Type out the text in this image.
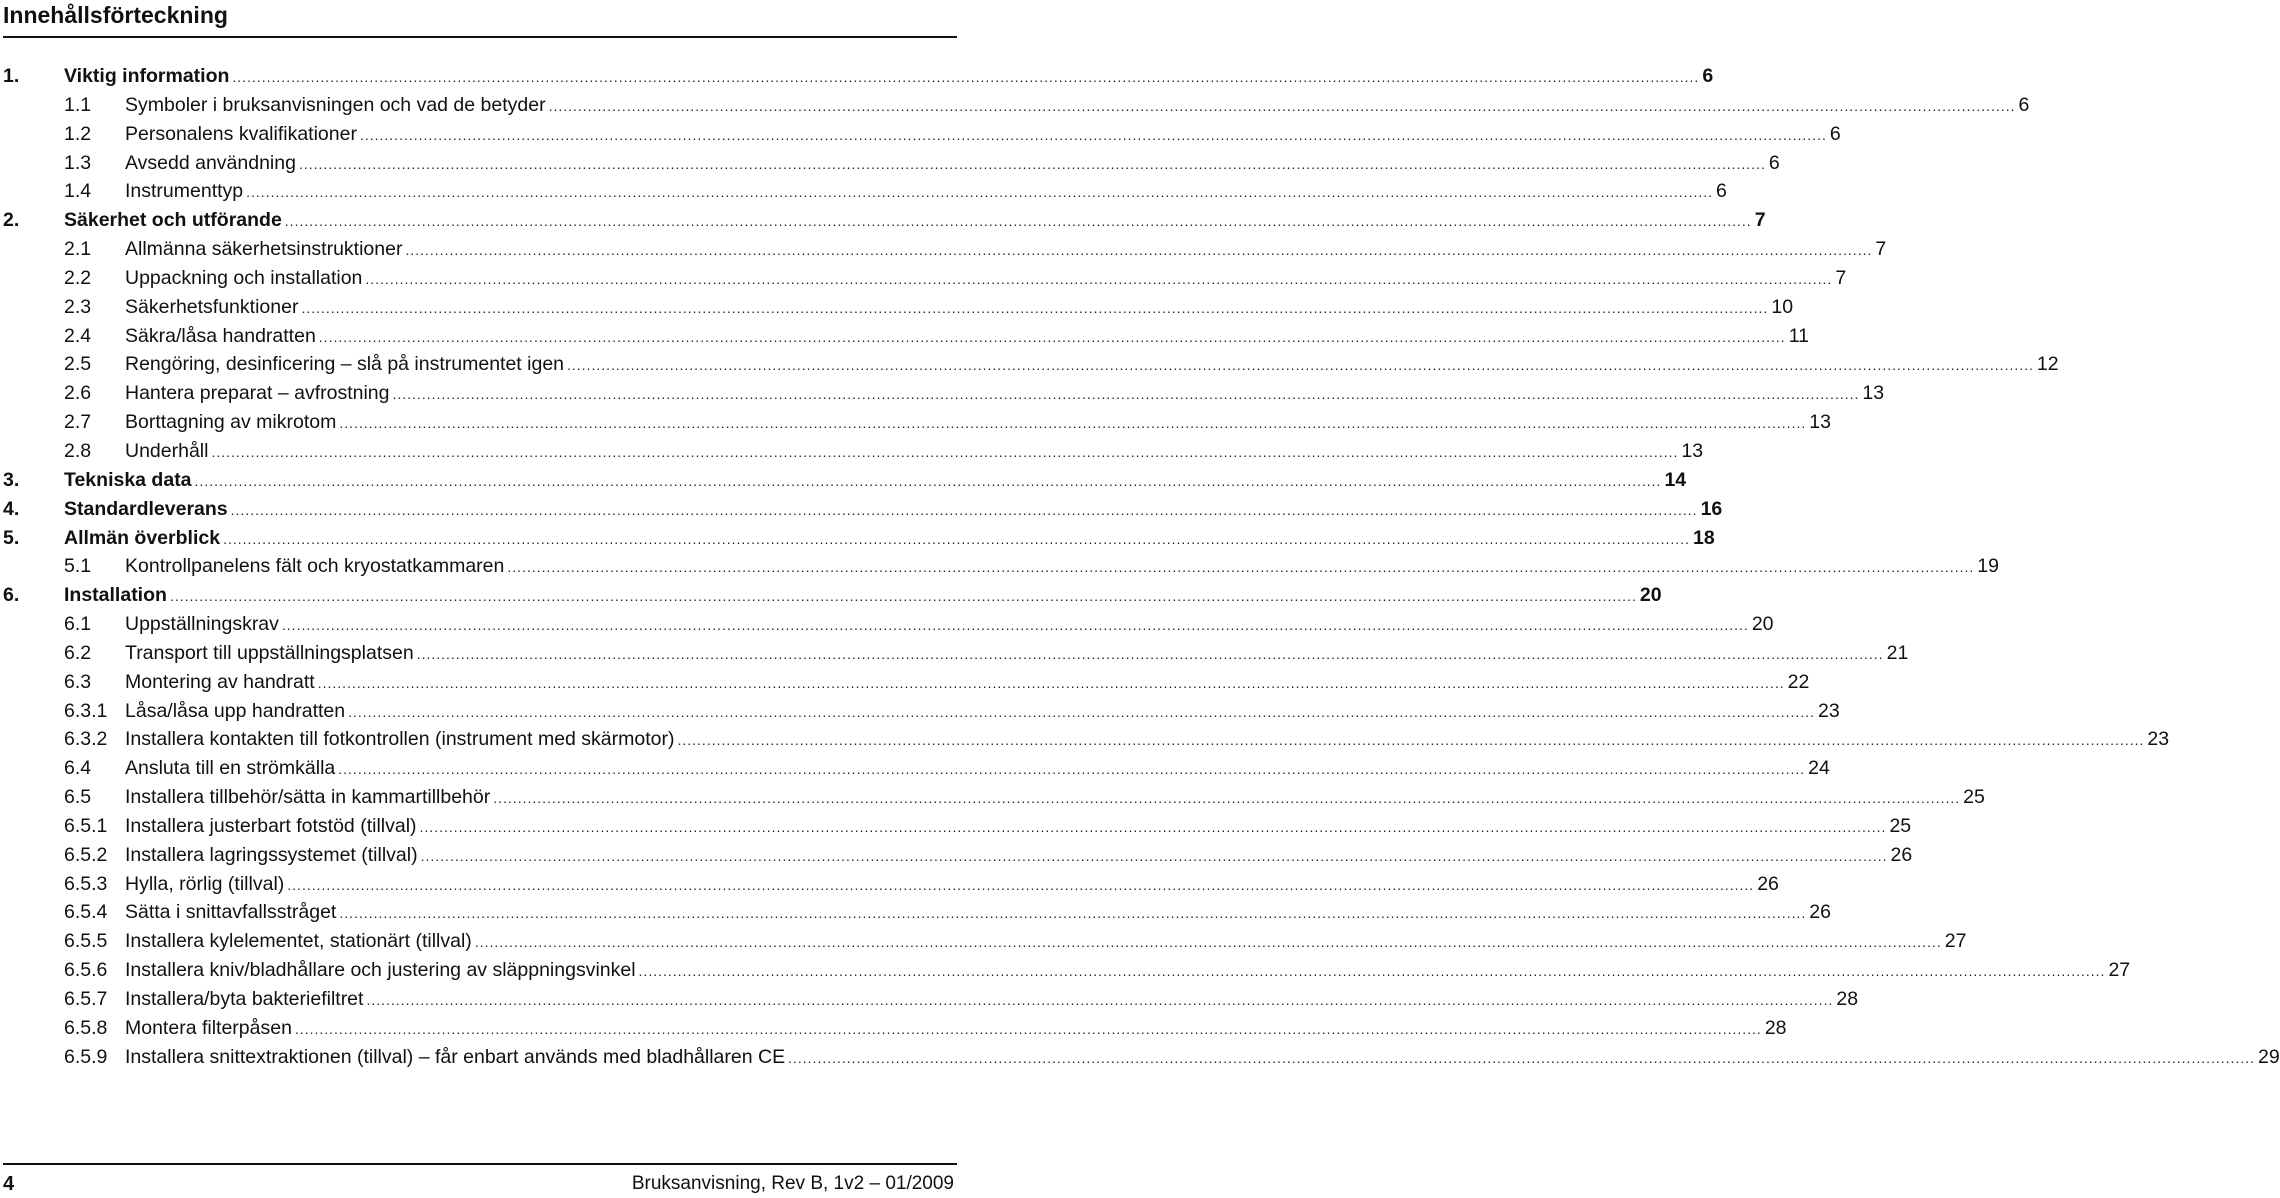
Innehållsförteckning
1. Viktig information ............................................................................................................................................................................................................................................................................................................ 6
1.1 Symboler i bruksanvisningen och vad de betyder ............................................................................................................................................................................................................................................................................................................ 6
1.2 Personalens kvalifikationer ............................................................................................................................................................................................................................................................................................................ 6
1.3 Avsedd användning ............................................................................................................................................................................................................................................................................................................ 6
1.4 Instrumenttyp ............................................................................................................................................................................................................................................................................................................ 6
2. Säkerhet och utförande ............................................................................................................................................................................................................................................................................................................ 7
2.1 Allmänna säkerhetsinstruktioner ............................................................................................................................................................................................................................................................................................................ 7
2.2 Uppackning och installation ............................................................................................................................................................................................................................................................................................................ 7
2.3 Säkerhetsfunktioner ............................................................................................................................................................................................................................................................................................................ 10
2.4 Säkra/låsa handratten ............................................................................................................................................................................................................................................................................................................ 11
2.5 Rengöring, desinficering – slå på instrumentet igen ............................................................................................................................................................................................................................................................................................................ 12
2.6 Hantera preparat – avfrostning ............................................................................................................................................................................................................................................................................................................ 13
2.7 Borttagning av mikrotom ............................................................................................................................................................................................................................................................................................................ 13
2.8 Underhåll ............................................................................................................................................................................................................................................................................................................ 13
3. Tekniska data ............................................................................................................................................................................................................................................................................................................ 14
4. Standardleverans ............................................................................................................................................................................................................................................................................................................ 16
5. Allmän överblick ............................................................................................................................................................................................................................................................................................................ 18
5.1 Kontrollpanelens fält och kryostatkammaren ............................................................................................................................................................................................................................................................................................................ 19
6. Installation ............................................................................................................................................................................................................................................................................................................ 20
6.1 Uppställningskrav ............................................................................................................................................................................................................................................................................................................ 20
6.2 Transport till uppställningsplatsen ............................................................................................................................................................................................................................................................................................................ 21
6.3 Montering av handratt ............................................................................................................................................................................................................................................................................................................ 22
6.3.1 Låsa/låsa upp handratten ............................................................................................................................................................................................................................................................................................................ 23
6.3.2 Installera kontakten till fotkontrollen (instrument med skärmotor) ............................................................................................................................................................................................................................................................................................................ 23
6.4 Ansluta till en strömkälla ............................................................................................................................................................................................................................................................................................................ 24
6.5 Installera tillbehör/sätta in kammartillbehör ............................................................................................................................................................................................................................................................................................................ 25
6.5.1 Installera justerbart fotstöd (tillval) ............................................................................................................................................................................................................................................................................................................ 25
6.5.2 Installera lagringssystemet (tillval) ............................................................................................................................................................................................................................................................................................................ 26
6.5.3 Hylla, rörlig (tillval) ............................................................................................................................................................................................................................................................................................................ 26
6.5.4 Sätta i snittavfallsstråget ............................................................................................................................................................................................................................................................................................................ 26
6.5.5 Installera kylelementet, stationärt (tillval) ............................................................................................................................................................................................................................................................................................................ 27
6.5.6 Installera kniv/bladhållare och justering av släppningsvinkel ............................................................................................................................................................................................................................................................................................................ 27
6.5.7 Installera/byta bakteriefiltret ............................................................................................................................................................................................................................................................................................................ 28
6.5.8 Montera filterpåsen ............................................................................................................................................................................................................................................................................................................ 28
6.5.9 Installera snittextraktionen (tillval) – får enbart används med bladhållaren CE ............................................................................................................................................................................................................................................................................................................ 29
4	Bruksanvisning, Rev B, 1v2 – 01/2009
